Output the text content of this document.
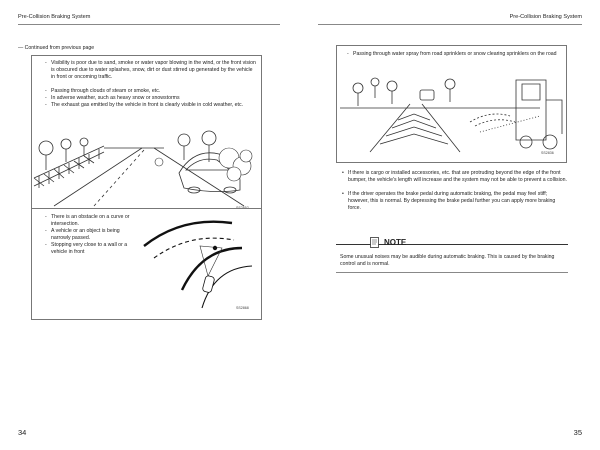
Pre-Collision Braking System
— Continued from previous page
- Visibility is poor due to sand, smoke or water vapor blowing in the wind, or the front vision is obscured due to water splashes, snow, dirt or dust stirred up generated by the vehicle in front or oncoming traffic.
- Passing through clouds of steam or smoke, etc.
- In adverse weather, such as heavy snow or snowstorms
- The exhaust gas emitted by the vehicle in front is clearly visible in cold weather, etc.
- There is an obstacle on a curve or intersection.
- A vehicle or an object is being narrowly passed.
- Stopping very close to a wall or a vehicle in front
SS2868
34
Pre-Collision Braking System
- Passing through water spray from road sprinklers or snow clearing sprinklers on the road
SS2836
• If there is cargo or installed accessories, etc. that are protruding beyond the edge of the front bumper, the vehicle's length will increase and the system may not be able to prevent a collision.
• If the driver operates the brake pedal during automatic braking, the pedal may feel stiff; however, this is normal. By depressing the brake pedal further you can apply more braking force.
NOTE
Some unusual noises may be audible during automatic braking. This is caused by the braking control and is normal.
35
